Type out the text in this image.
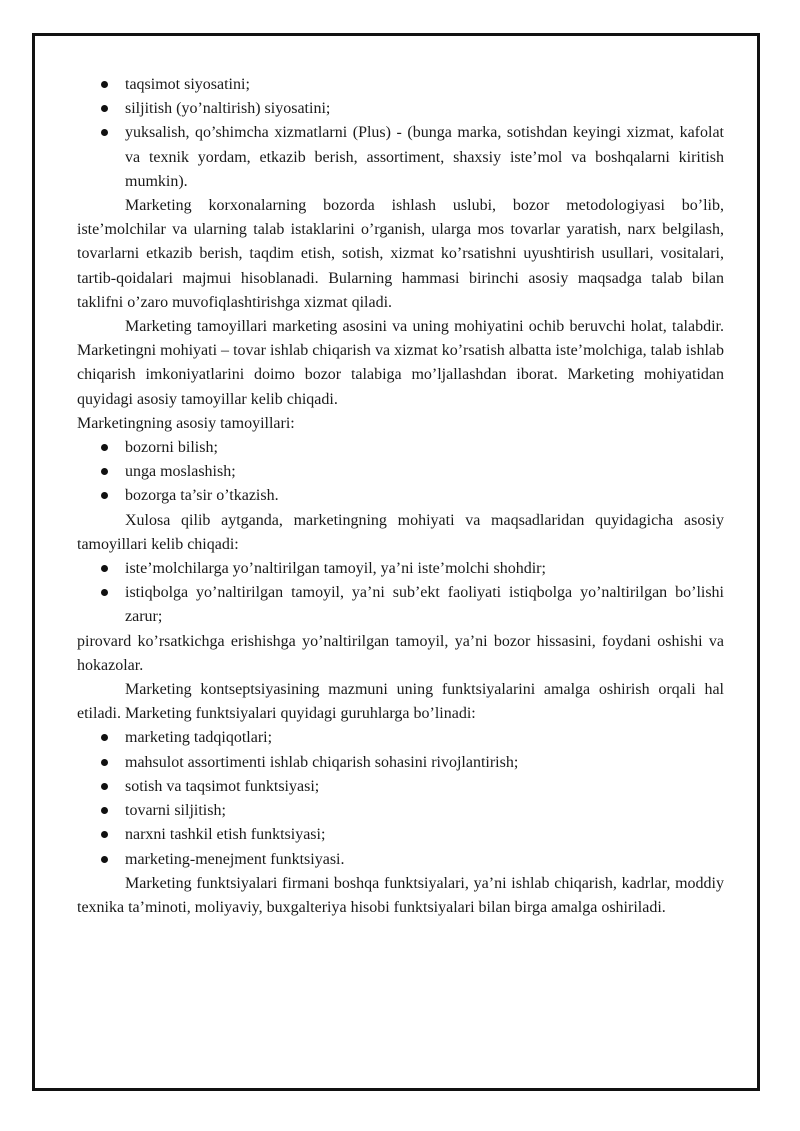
taqsimot siyosatini;
siljitish (yo’naltirish) siyosatini;
yuksalish, qo’shimcha xizmatlarni (Plus) - (bunga marka, sotishdan keyingi xizmat, kafolat va texnik yordam, etkazib berish, assortiment, shaxsiy iste’mol va boshqalarni kiritish mumkin).

Marketing korxonalarning bozorda ishlash uslubi, bozor metodologiyasi bo’lib, iste’molchilar va ularning talab istaklarini o’rganish, ularga mos tovarlar yaratish, narx belgilash, tovarlarni etkazib berish, taqdim etish, sotish, xizmat ko’rsatishni uyushtirish usullari, vositalari, tartib-qoidalari majmui hisoblanadi. Bularning hammasi birinchi asosiy maqsadga talab bilan taklifni o’zaro muvofiqlashtirishga xizmat qiladi.

Marketing tamoyillari marketing asosini va uning mohiyatini ochib beruvchi holat, talabdir. Marketingni mohiyati – tovar ishlab chiqarish va xizmat ko’rsatish albatta iste’molchiga, talab ishlab chiqarish imkoniyatlarini doimo bozor talabiga mo’ljallashdan iborat. Marketing mohiyatidan quyidagi asosiy tamoyillar kelib chiqadi.

Marketingning asosiy tamoyillari:

bozorni bilish;
unga moslashish;
bozorga ta’sir o’tkazish.

Xulosa qilib aytganda, marketingning mohiyati va maqsadlaridan quyidagicha asosiy tamoyillari kelib chiqadi:

iste’molchilarga yo’naltirilgan tamoyil, ya’ni iste’molchi shohdir;
istiqbolga yo’naltirilgan tamoyil, ya’ni sub’ekt faoliyati istiqbolga yo’naltirilgan bo’lishi zarur;

pirovard ko’rsatkichga erishishga yo’naltirilgan tamoyil, ya’ni bozor hissasini, foydani oshishi va hokazolar.

Marketing kontseptsiyasining mazmuni uning funktsiyalarini amalga oshirish orqali hal etiladi. Marketing funktsiyalari quyidagi guruhlarga bo’linadi:

marketing tadqiqotlari;
mahsulot assortimenti ishlab chiqarish sohasini rivojlantirish;
sotish va taqsimot funktsiyasi;
tovarni siljitish;
narxni tashkil etish funktsiyasi;
marketing-menejment funktsiyasi.

Marketing funktsiyalari firmani boshqa funktsiyalari, ya’ni ishlab chiqarish, kadrlar, moddiy texnika ta’minoti, moliyaviy, buxgalteriya hisobi funktsiyalari bilan birga amalga oshiriladi.
